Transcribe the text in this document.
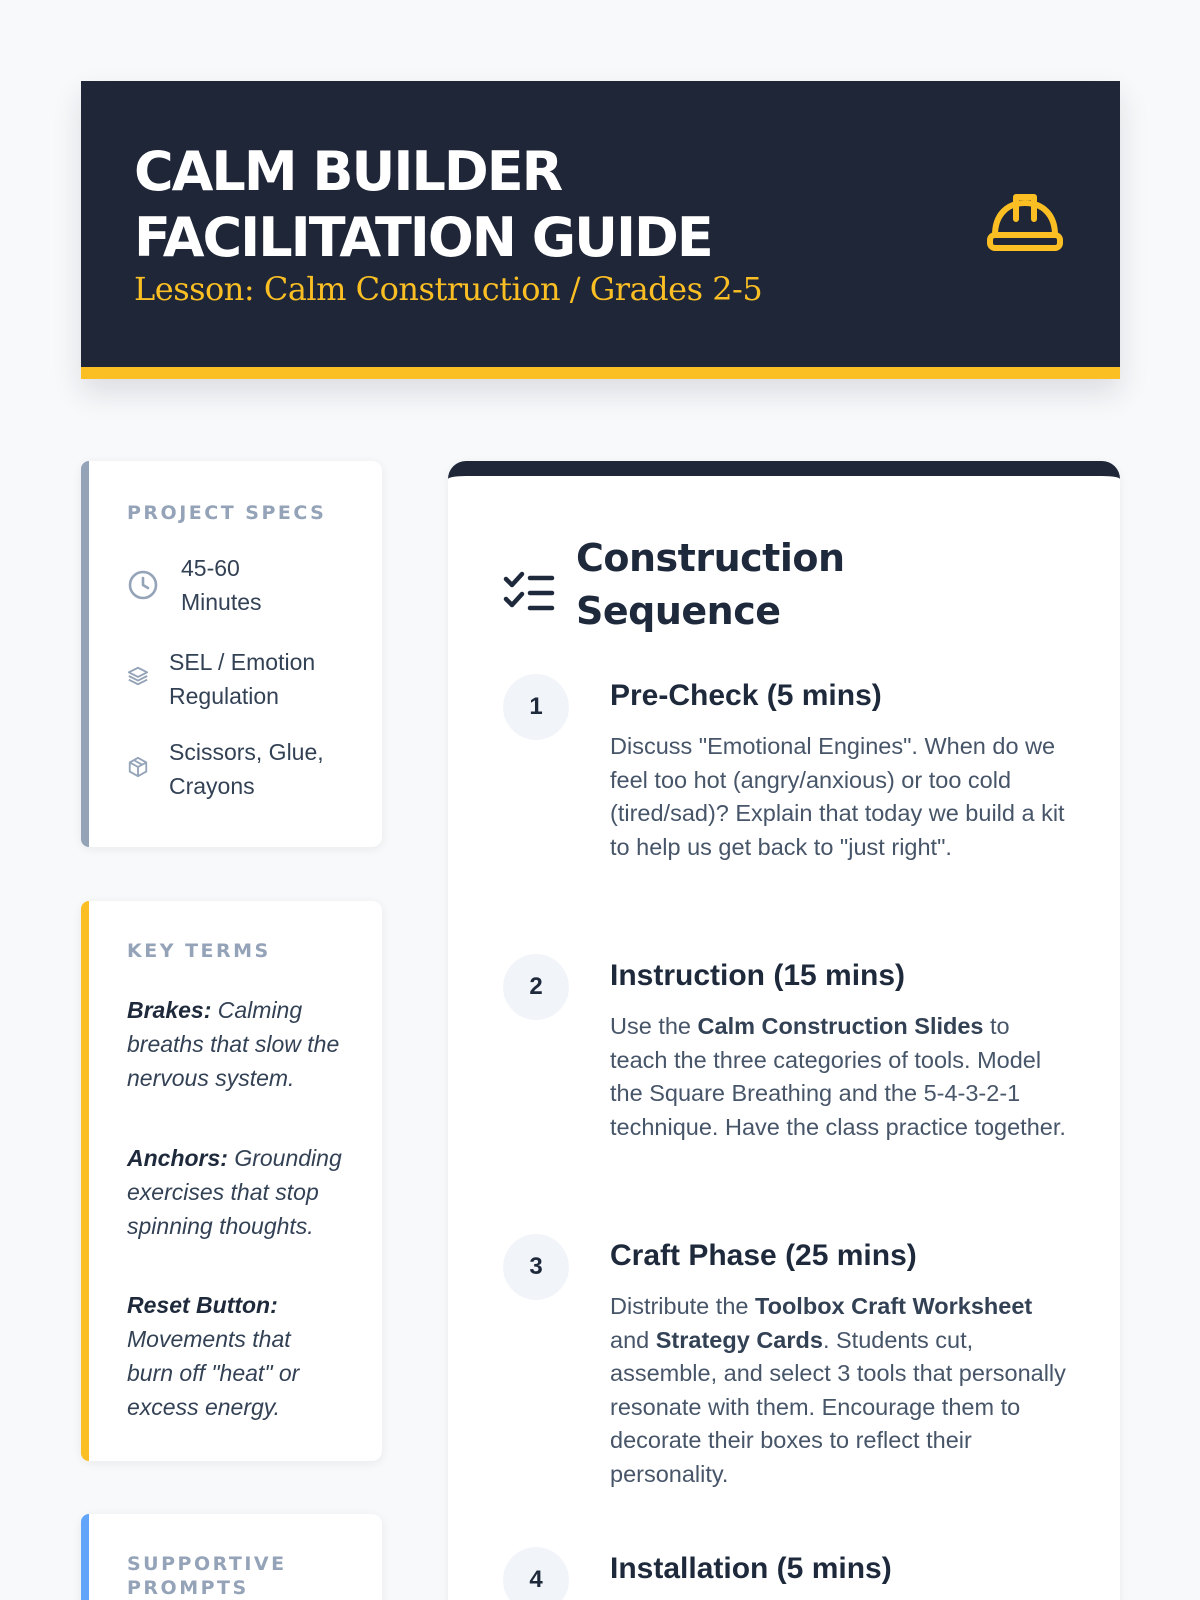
CALM BUILDER
FACILITATION GUIDE
Lesson: Calm Construction / Grades 2-5
PROJECT SPECS
45-60 Minutes
SEL / Emotion Regulation
Scissors, Glue, Crayons
KEY TERMS
Brakes: Calming breaths that slow the nervous system.
Anchors: Grounding exercises that stop spinning thoughts.
Reset Button: Movements that burn off "heat" or excess energy.
SUPPORTIVE PROMPTS
Construction Sequence
1	Pre-Check (5 mins)
Discuss "Emotional Engines". When do we feel too hot (angry/anxious) or too cold (tired/sad)? Explain that today we build a kit to help us get back to "just right".
2	Instruction (15 mins)
Use the Calm Construction Slides to teach the three categories of tools. Model the Square Breathing and the 5-4-3-2-1 technique. Have the class practice together.
3	Craft Phase (25 mins)
Distribute the Toolbox Craft Worksheet and Strategy Cards. Students cut, assemble, and select 3 tools that personally resonate with them. Encourage them to decorate their boxes to reflect their personality.
4	Installation (5 mins)
